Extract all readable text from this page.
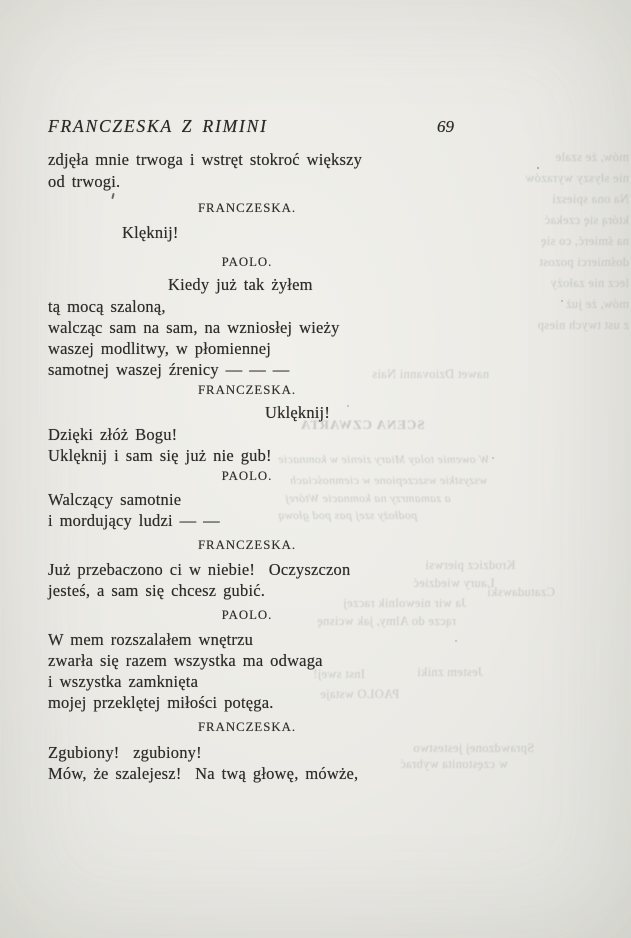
FRANCZESKA Z RIMINI	69
zdjęła mnie trwoga i wstręt stokroć większy
od trwogi.
FRANCZESKA.
Klęknij!
PAOLO.
Kiedy już tak żyłem
tą mocą szaloną,
walcząc sam na sam, na wzniosłej wieży
waszej modlitwy, w płomiennej
samotnej waszej źrenicy — — —
FRANCZESKA.
Uklęknij!
Dzięki złóż Bogu!
Uklęknij i sam się już nie gub!
PAOLO.
Walczący samotnie
i mordujący ludzi — —
FRANCZESKA.
Już przebaczono ci w niebie!  Oczyszczon
jesteś, a sam się chcesz gubić.
PAOLO.
W mem rozszalałem wnętrzu
zwarła się razem wszystka ma odwaga
i wszystka zamknięta
mojej przeklętej miłości potęga.
FRANCZESKA.
Zgubiony!  zgubiony!
Mów, że szalejesz!  Na twą głowę, mówże,
mów, że szale
nie słyszy wyrazów
Na ona spieszi
którą się czekać
na śmierć, co się
dośmierci pozost
lecz nie założy
mów, że już
z ust twych niesp
nawet Dziovanni Nais
SCENA CZWARTA
W owemie tolay Miary zienie w komnacie
wszystkie wszczepione w ciemnościach
a zamamrzy na komnacie Wtórej
podłoży szej pas pod głową
Krodzicz pierwsi
Laury wiedzieć
Ja wir niewolnik raczej
rącze do Almy, jak wcisnę
Czatudawski
Inst swej!	Jestem zniki
PAOLO wstaje
Sprawdzonej jestestwo
w częstonita wybrać
